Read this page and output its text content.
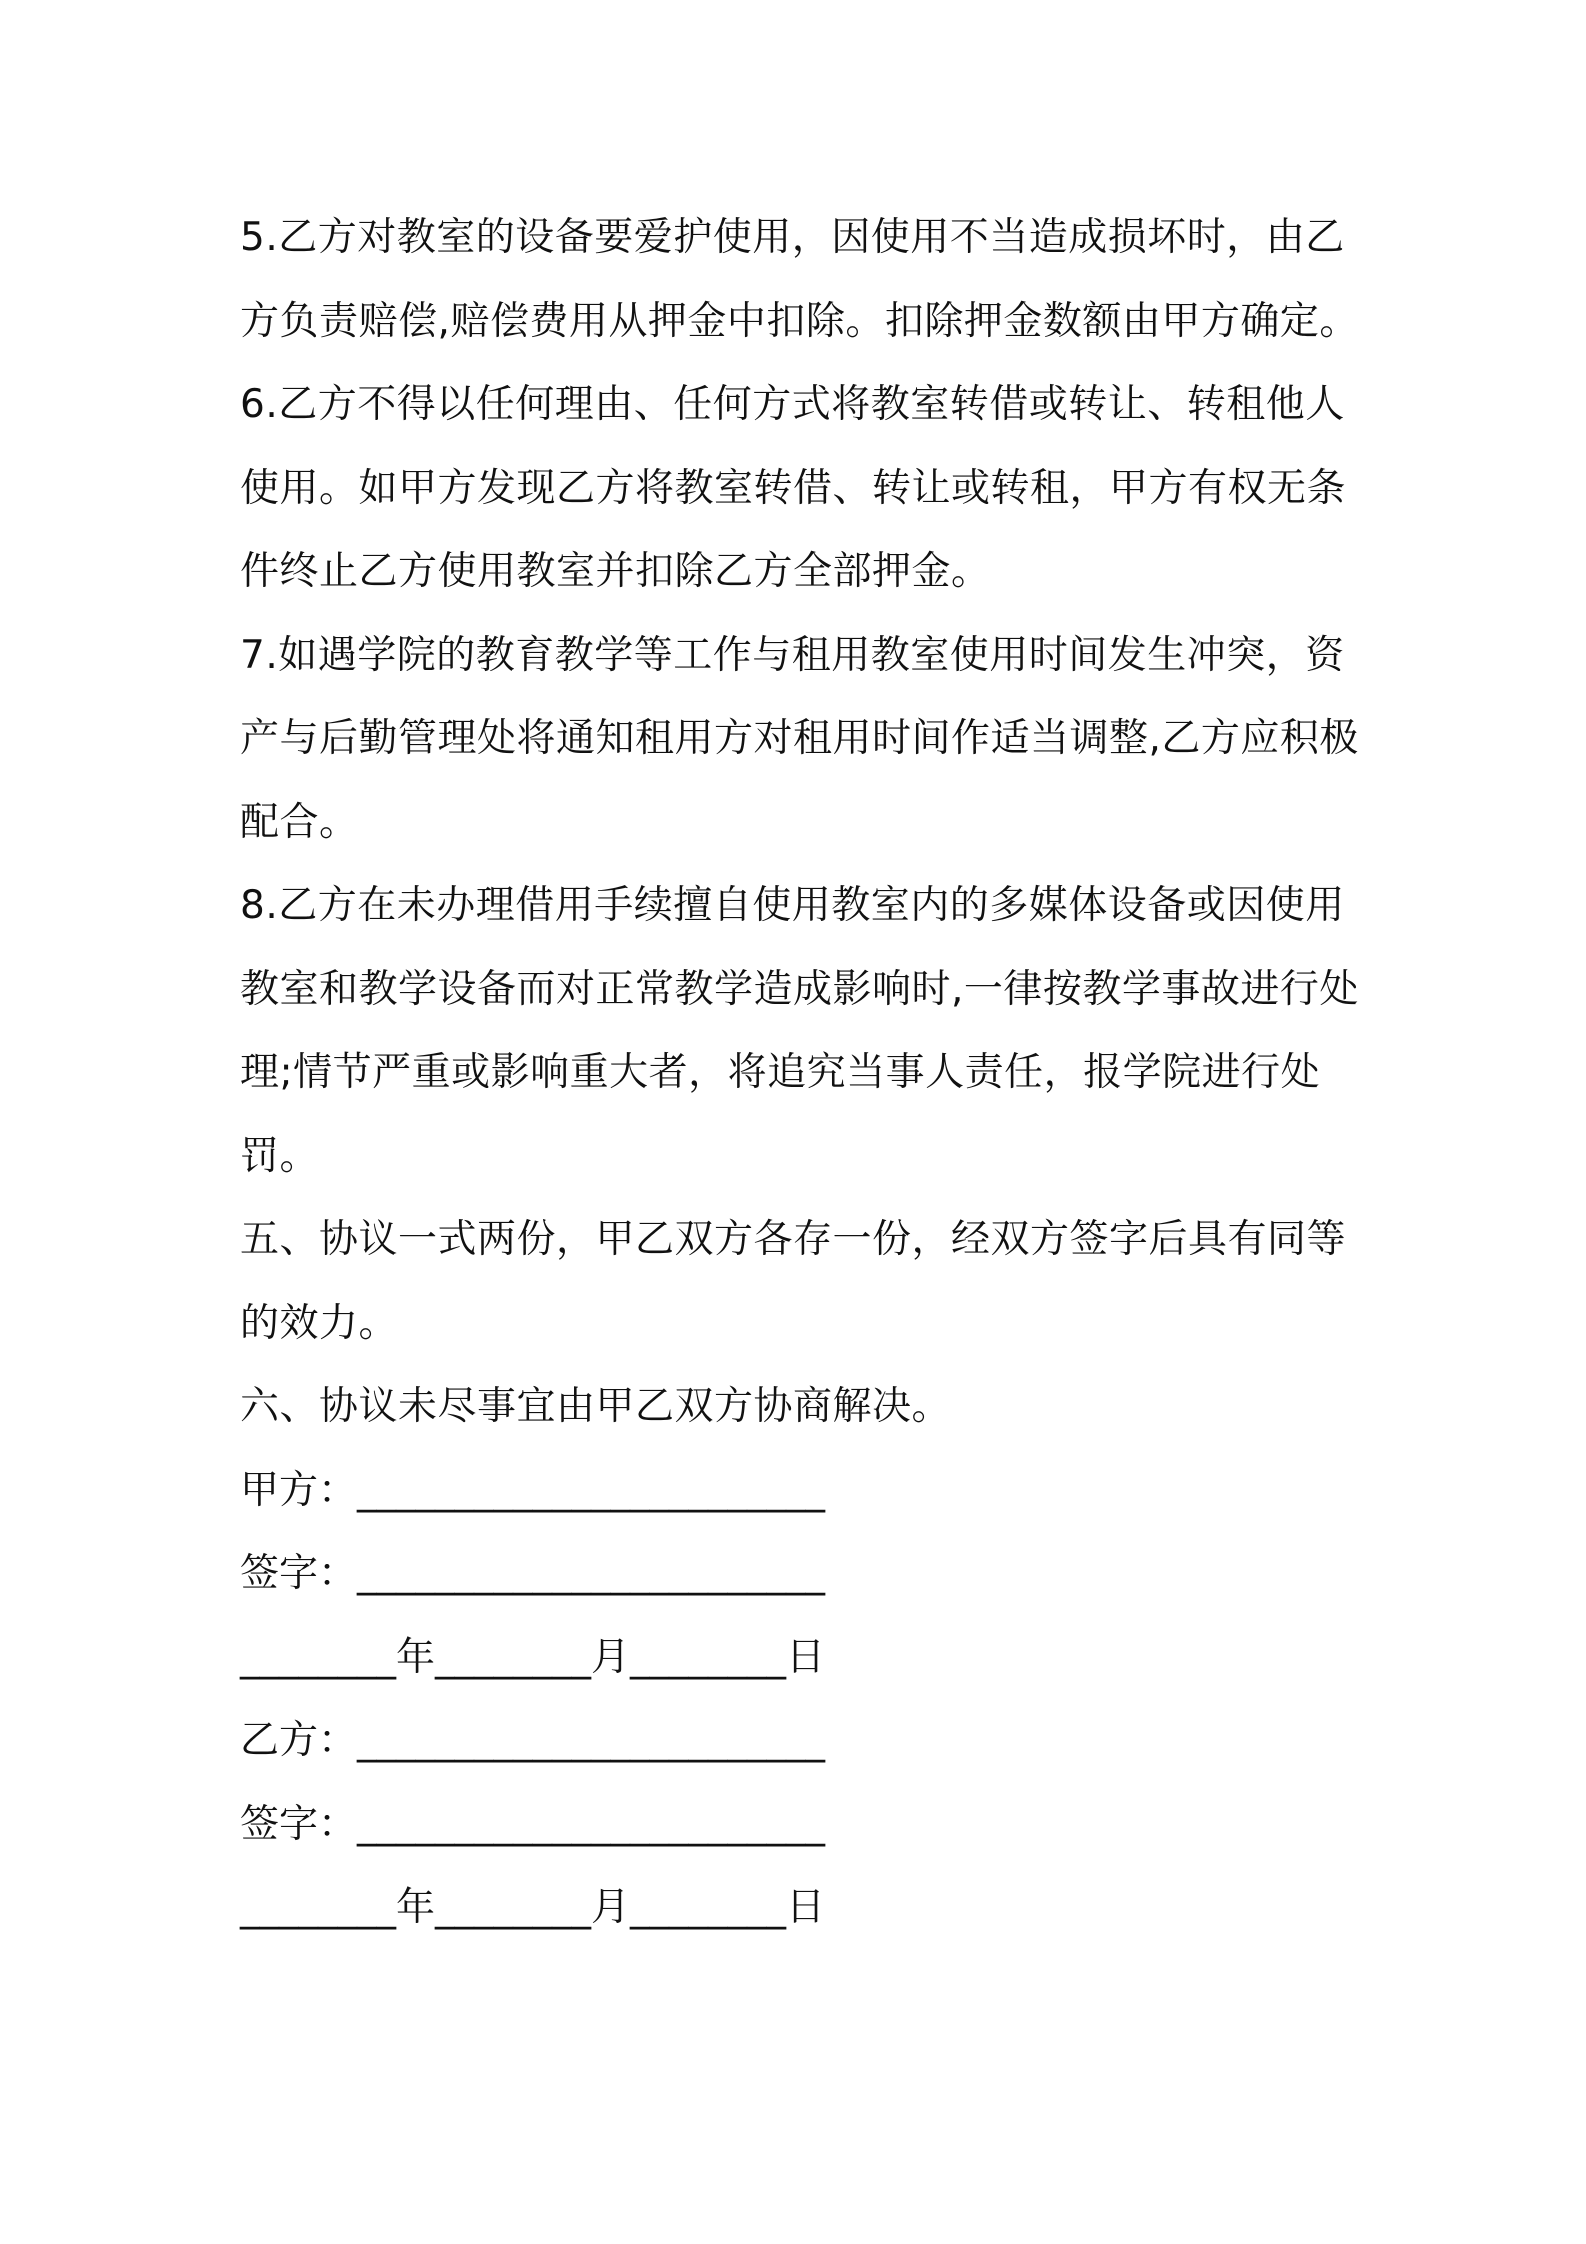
5.乙方对教室的设备要爱护使用，因使用不当造成损坏时，由乙方负责赔偿,赔偿费用从押金中扣除。扣除押金数额由甲方确定。

6.乙方不得以任何理由、任何方式将教室转借或转让、转租他人使用。如甲方发现乙方将教室转借、转让或转租，甲方有权无条件终止乙方使用教室并扣除乙方全部押金。

7.如遇学院的教育教学等工作与租用教室使用时间发生冲突，资产与后勤管理处将通知租用方对租用时间作适当调整,乙方应积极配合。

8.乙方在未办理借用手续擅自使用教室内的多媒体设备或因使用教室和教学设备而对正常教学造成影响时,一律按教学事故进行处理;情节严重或影响重大者，将追究当事人责任，报学院进行处罚。

五、协议一式两份，甲乙双方各存一份，经双方签字后具有同等的效力。

六、协议未尽事宜由甲乙双方协商解决。

甲方：________________________

签字：________________________

________年________月________日

乙方：________________________

签字：________________________

________年________月________日
